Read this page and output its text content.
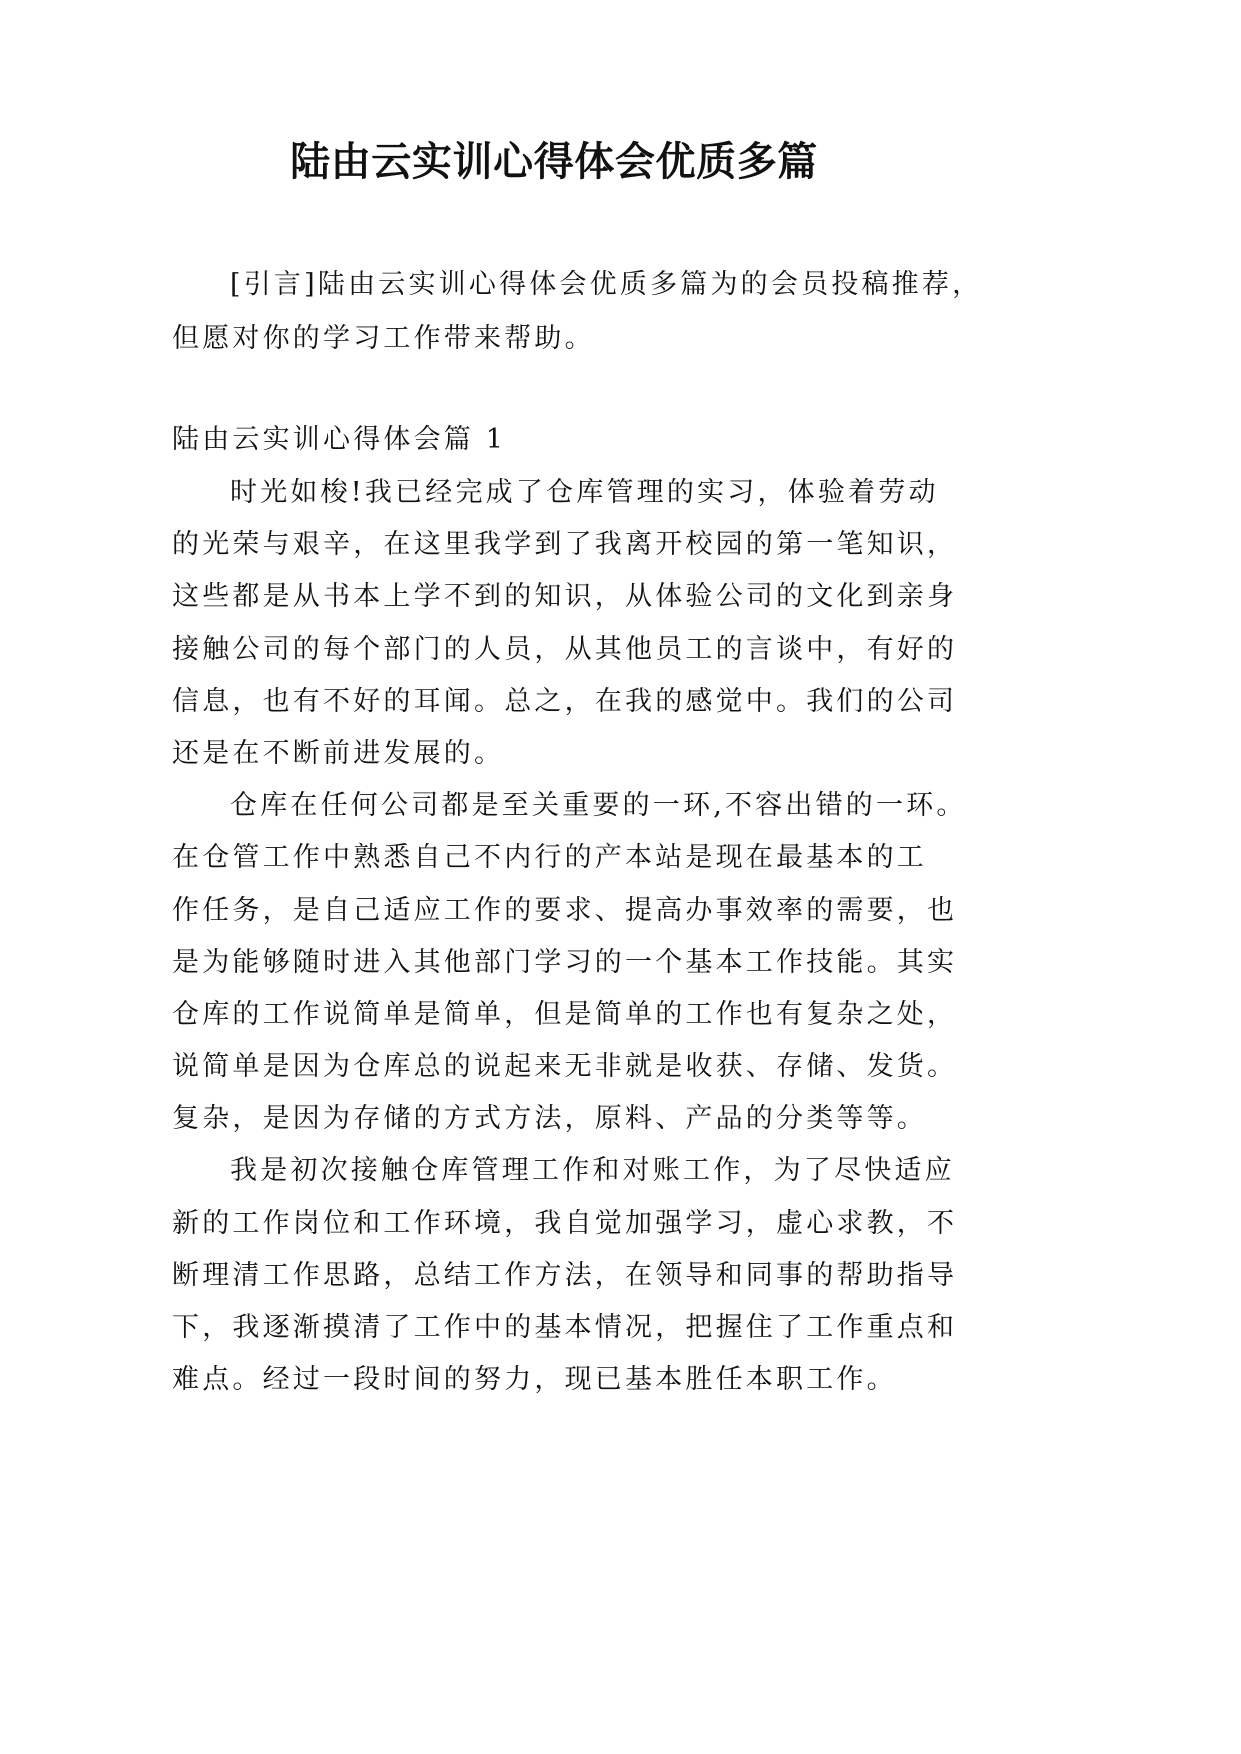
陆由云实训心得体会优质多篇
[引言]陆由云实训心得体会优质多篇为的会员投稿推荐，
但愿对你的学习工作带来帮助。
陆由云实训心得体会篇 1
时光如梭!我已经完成了仓库管理的实习，体验着劳动
的光荣与艰辛，在这里我学到了我离开校园的第一笔知识，
这些都是从书本上学不到的知识，从体验公司的文化到亲身
接触公司的每个部门的人员，从其他员工的言谈中，有好的
信息，也有不好的耳闻。总之，在我的感觉中。我们的公司
还是在不断前进发展的。
仓库在任何公司都是至关重要的一环,不容出错的一环。
在仓管工作中熟悉自己不内行的产本站是现在最基本的工
作任务，是自己适应工作的要求、提高办事效率的需要，也
是为能够随时进入其他部门学习的一个基本工作技能。其实
仓库的工作说简单是简单，但是简单的工作也有复杂之处，
说简单是因为仓库总的说起来无非就是收获、存储、发货。
复杂，是因为存储的方式方法，原料、产品的分类等等。
我是初次接触仓库管理工作和对账工作，为了尽快适应
新的工作岗位和工作环境，我自觉加强学习，虚心求教，不
断理清工作思路，总结工作方法，在领导和同事的帮助指导
下，我逐渐摸清了工作中的基本情况，把握住了工作重点和
难点。经过一段时间的努力，现已基本胜任本职工作。
